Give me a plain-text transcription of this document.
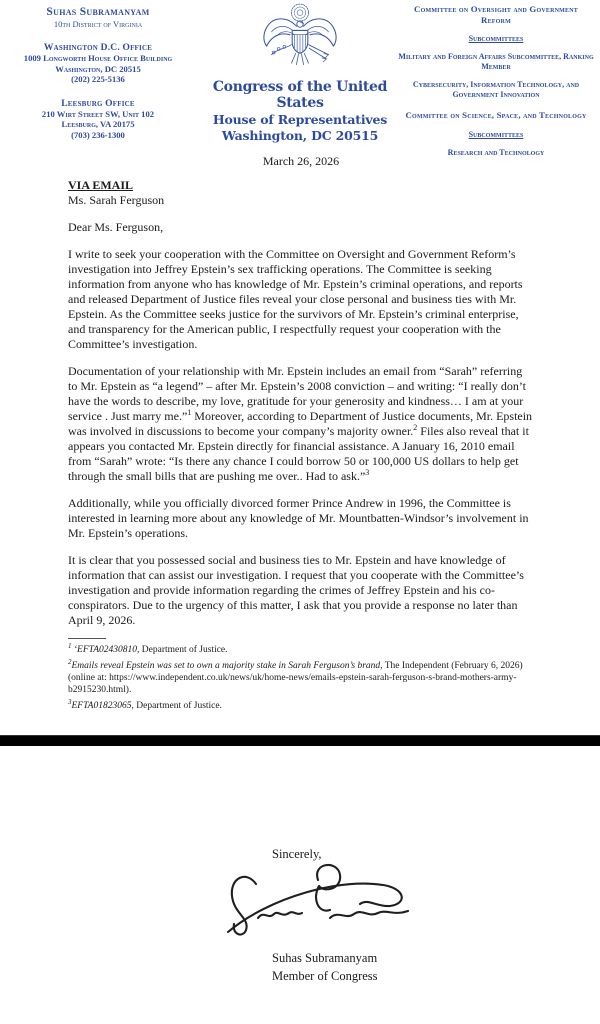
Suhas Subramanyam
10th District of Virginia
Washington D.C. Office
1009 Longworth House Office Building
Washington, DC 20515
(202) 225-5136
Leesburg Office
210 Wirt Street SW, Unit 102
Leesburg, VA 20175
(703) 236-1300
Congress of the United States
House of Representatives
Washington, DC 20515
Committee on Oversight and Government Reform
Subcommittees
Military and Foreign Affairs Subcommittee, Ranking Member
Cybersecurity, Information Technology, and Government Innovation
Committee on Science, Space, and Technology
Subcommittees
Research and Technology
March 26, 2026
VIA EMAIL
Ms. Sarah Ferguson
Dear Ms. Ferguson,

I write to seek your cooperation with the Committee on Oversight and Government Reform’s investigation into Jeffrey Epstein’s sex trafficking operations. The Committee is seeking information from anyone who has knowledge of Mr. Epstein’s criminal operations, and reports and released Department of Justice files reveal your close personal and business ties with Mr. Epstein. As the Committee seeks justice for the survivors of Mr. Epstein’s criminal enterprise, and transparency for the American public, I respectfully request your cooperation with the Committee’s investigation.

Documentation of your relationship with Mr. Epstein includes an email from “Sarah” referring to Mr. Epstein as “a legend” – after Mr. Epstein’s 2008 conviction – and writing: “I really don’t have the words to describe, my love, gratitude for your generosity and kindness… I am at your service . Just marry me.”$^1$ Moreover, according to Department of Justice documents, Mr. Epstein was involved in discussions to become your company’s majority owner.$^2$ Files also reveal that it appears you contacted Mr. Epstein directly for financial assistance. A January 16, 2010 email from “Sarah” wrote: “Is there any chance I could borrow 50 or 100,000 US dollars to help get through the small bills that are pushing me over.. Had to ask.”$^3$

Additionally, while you officially divorced former Prince Andrew in 1996, the Committee is interested in learning more about any knowledge of Mr. Mountbatten-Windsor’s involvement in Mr. Epstein’s operations.

It is clear that you possessed social and business ties to Mr. Epstein and have knowledge of information that can assist our investigation. I request that you cooperate with the Committee’s investigation and provide information regarding the crimes of Jeffrey Epstein and his co-conspirators. Due to the urgency of this matter, I ask that you provide a response no later than April 9, 2026.

$^1$ ‘EFTA02430810, Department of Justice.
$^2$Emails reveal Epstein was set to own a majority stake in Sarah Ferguson’s brand, The Independent (February 6, 2026) (online at: https://www.independent.co.uk/news/uk/home-news/emails-epstein-sarah-ferguson-s-brand-mothers-army-b2915230.html).
$^3$EFTA01823065, Department of Justice.
Sincerely,
Suhas Subramanyam
Member of Congress
